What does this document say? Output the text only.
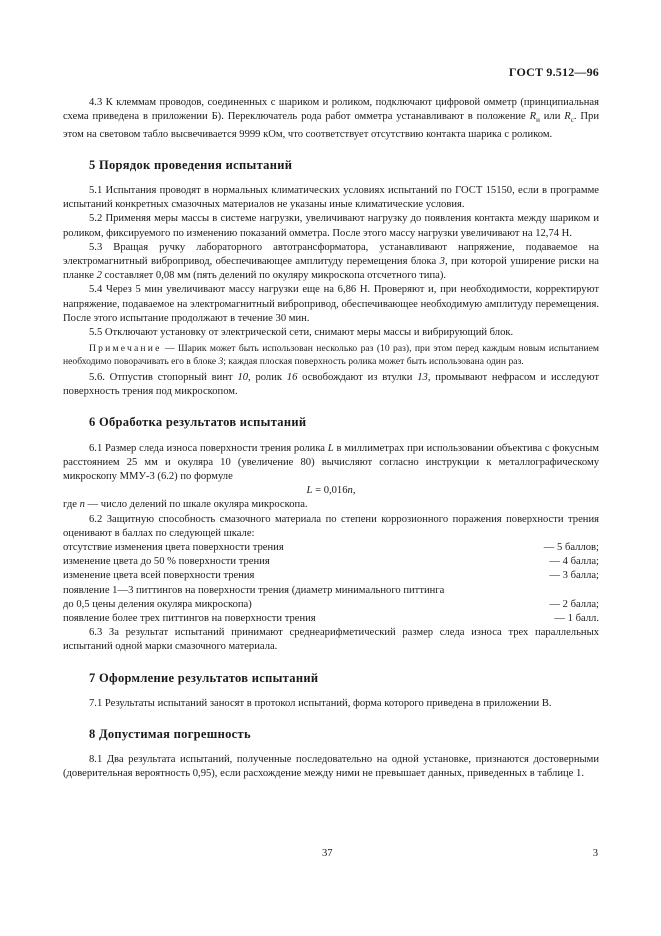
ГОСТ 9.512—96

4.3 К клеммам проводов, соединенных с шариком и роликом, подключают цифровой омметр (принципиальная схема приведена в приложении Б). Переключатель рода работ омметра устанавливают в положение $R_и$ или $R_с$. При этом на световом табло высвечивается 9999 кОм, что соответствует отсутствию контакта шарика с роликом.

5 Порядок проведения испытаний

5.1 Испытания проводят в нормальных климатических условиях испытаний по ГОСТ 15150, если в программе испытаний конкретных смазочных материалов не указаны иные климатические условия.

5.2 Применяя меры массы в системе нагрузки, увеличивают нагрузку до появления контакта между шариком и роликом, фиксируемого по изменению показаний омметра. После этого массу нагрузки увеличивают на 12,74 Н.

5.3 Вращая ручку лабораторного автотрансформатора, устанавливают напряжение, подаваемое на электромагнитный вибропривод, обеспечивающее амплитуду перемещения блока 3, при которой уширение риски на планке 2 составляет 0,08 мм (пять делений по окуляру микроскопа отсчетного типа).

5.4 Через 5 мин увеличивают массу нагрузки еще на 6,86 Н. Проверяют и, при необходимости, корректируют напряжение, подаваемое на электромагнитный вибропривод, обеспечивающее необходимую амплитуду перемещения. После этого испытание продолжают в течение 30 мин.

5.5 Отключают установку от электрической сети, снимают меры массы и вибрирующий блок.

Примечание — Шарик может быть использован несколько раз (10 раз), при этом перед каждым новым испытанием необходимо поворачивать его в блоке 3; каждая плоская поверхность ролика может быть использована один раз.

5.6. Отпустив стопорный винт 10, ролик 16 освобождают из втулки 13, промывают нефрасом и исследуют поверхность трения под микроскопом.

6 Обработка результатов испытаний

6.1 Размер следа износа поверхности трения ролика L в миллиметрах при использовании объектива с фокусным расстоянием 25 мм и окуляра 10 (увеличение 80) вычисляют согласно инструкции к металлографическому микроскопу ММУ-3 (6.2) по формуле

L = 0,016n,

где n — число делений по шкале окуляра микроскопа.

6.2 Защитную способность смазочного материала по степени коррозионного поражения поверхности трения оценивают в баллах по следующей шкале:

отсутствие изменения цвета поверхности трения	— 5 баллов;
изменение цвета до 50 % поверхности трения	— 4 балла;
изменение цвета всей поверхности трения	— 3 балла;
появление 1—3 питтингов на поверхности трения (диаметр минимального питтинга
до 0,5 цены деления окуляра микроскопа)	— 2 балла;
появление более трех питтингов на поверхности трения	— 1 балл.

6.3 За результат испытаний принимают среднеарифметический размер следа износа трех параллельных испытаний одной марки смазочного материала.

7 Оформление результатов испытаний

7.1 Результаты испытаний заносят в протокол испытаний, форма которого приведена в приложении В.

8 Допустимая погрешность

8.1 Два результата испытаний, полученные последовательно на одной установке, признаются достоверными (доверительная вероятность 0,95), если расхождение между ними не превышает данных, приведенных в таблице 1.

37	3
